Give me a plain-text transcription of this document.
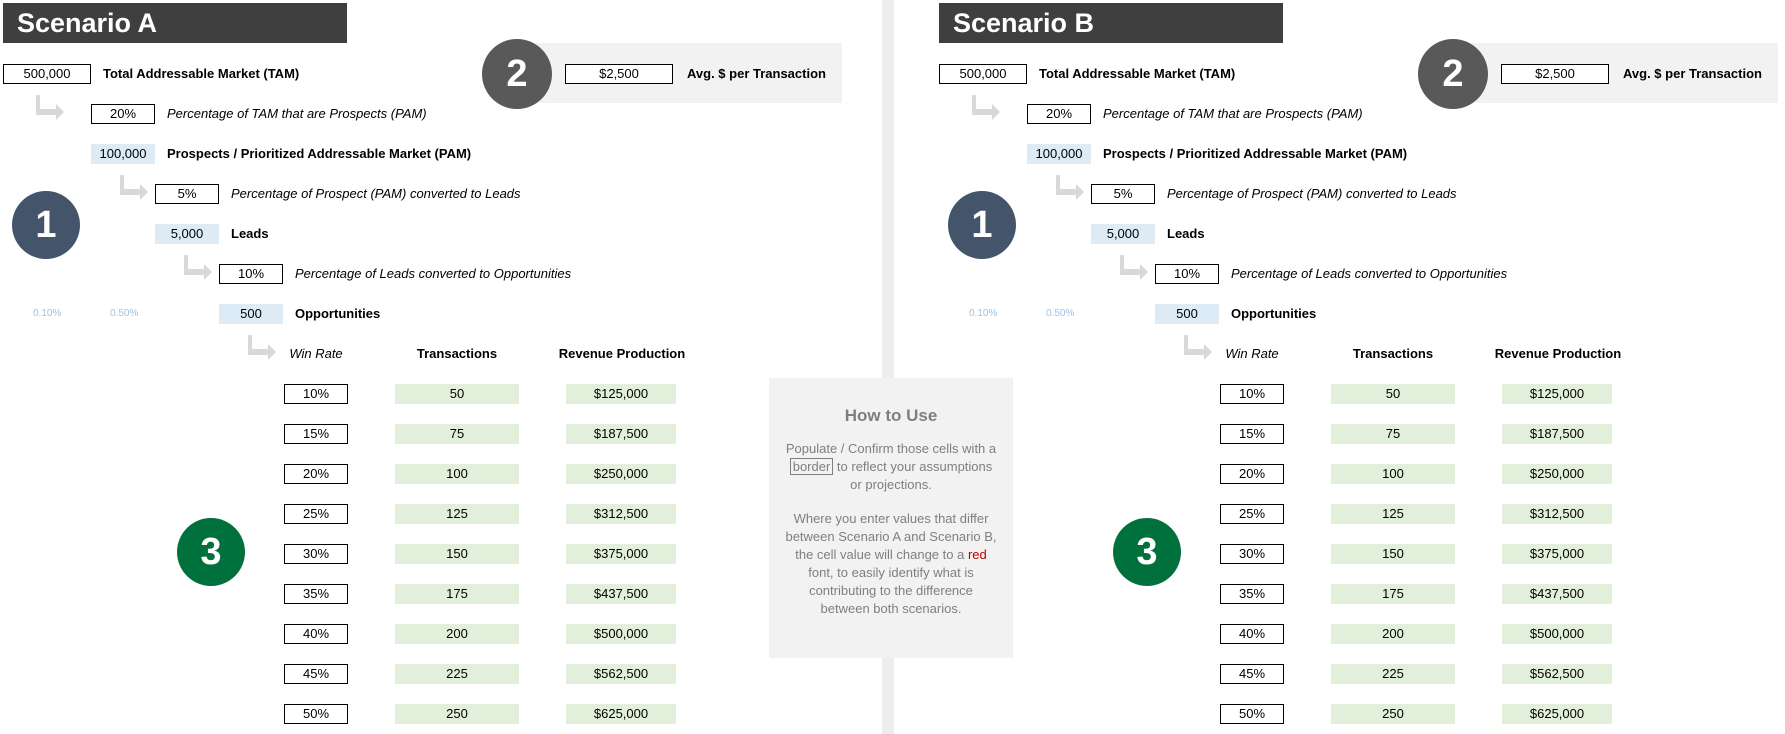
Scenario A
2	$2,500	Avg. $ per Transaction
500,000	Total Addressable Market (TAM)
20%	Percentage of TAM that are Prospects (PAM)
100,000	Prospects / Prioritized Addressable Market (PAM)
5%	Percentage of Prospect (PAM) converted to Leads
1	5,000	Leads
10%	Percentage of Leads converted to Opportunities
0.10%	0.50%	500	Opportunities
Win Rate	Transactions	Revenue Production
3
10%	50	$125,000
15%	75	$187,500
20%	100	$250,000
25%	125	$312,500
30%	150	$375,000
35%	175	$437,500
40%	200	$500,000
45%	225	$562,500
50%	250	$625,000
Scenario B
2	$2,500	Avg. $ per Transaction
500,000	Total Addressable Market (TAM)
20%	Percentage of TAM that are Prospects (PAM)
100,000	Prospects / Prioritized Addressable Market (PAM)
5%	Percentage of Prospect (PAM) converted to Leads
1	5,000	Leads
10%	Percentage of Leads converted to Opportunities
0.10%	0.50%	500	Opportunities
Win Rate	Transactions	Revenue Production
3
10%	50	$125,000
15%	75	$187,500
20%	100	$250,000
25%	125	$312,500
30%	150	$375,000
35%	175	$437,500
40%	200	$500,000
45%	225	$562,500
50%	250	$625,000
How to Use

Populate / Confirm those cells with a border to reflect your assumptions or projections.

Where you enter values that differ between Scenario A and Scenario B, the cell value will change to a red font, to easily identify what is contributing to the difference between both scenarios.
